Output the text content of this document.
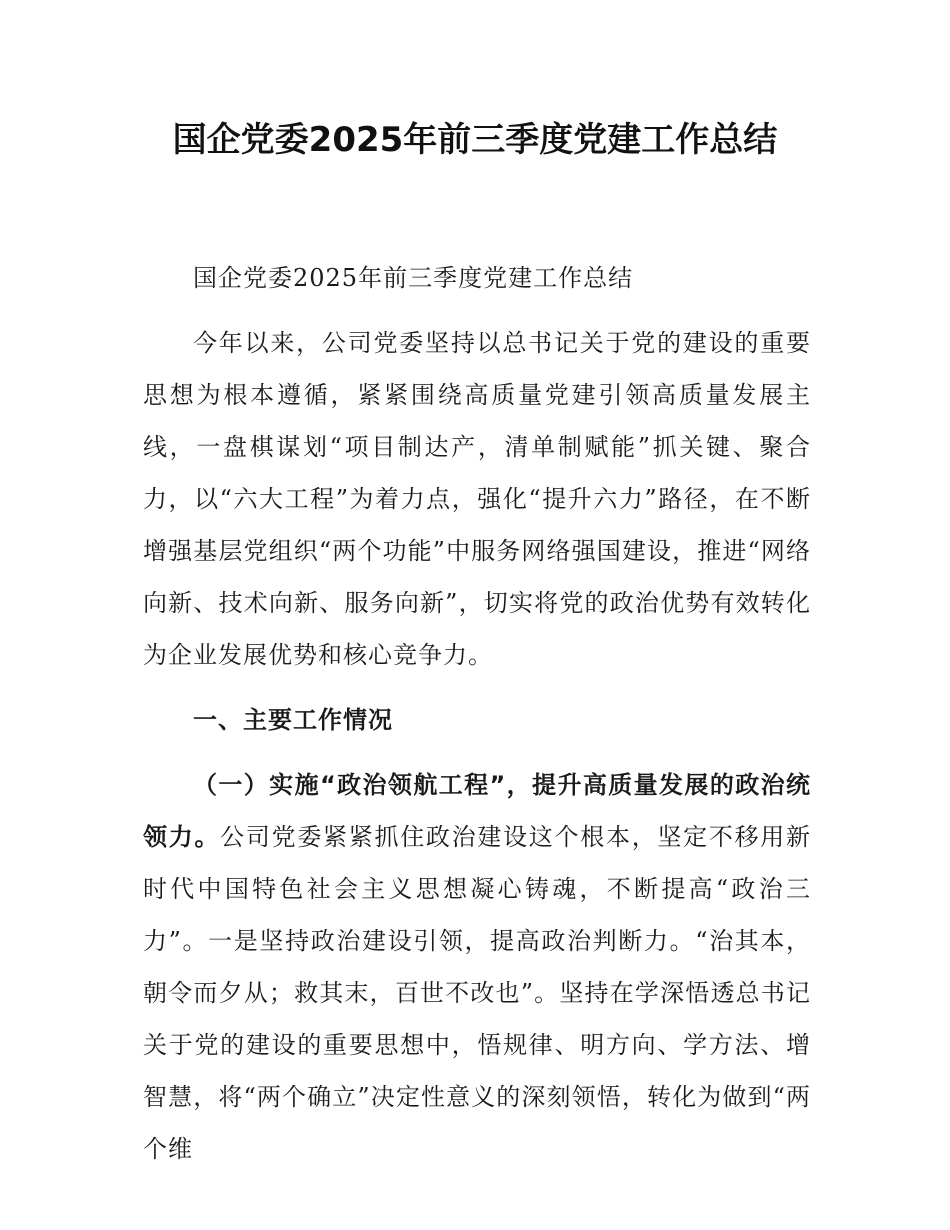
国企党委2025年前三季度党建工作总结

国企党委2025年前三季度党建工作总结

今年以来，公司党委坚持以总书记关于党的建设的重要思想为根本遵循，紧紧围绕高质量党建引领高质量发展主线，一盘棋谋划“项目制达产，清单制赋能”抓关键、聚合力，以“六大工程”为着力点，强化“提升六力”路径，在不断增强基层党组织“两个功能”中服务网络强国建设，推进“网络向新、技术向新、服务向新”，切实将党的政治优势有效转化为企业发展优势和核心竞争力。

一、主要工作情况

（一）实施“政治领航工程”，提升高质量发展的政治统领力。公司党委紧紧抓住政治建设这个根本，坚定不移用新时代中国特色社会主义思想凝心铸魂，不断提高“政治三力”。一是坚持政治建设引领，提高政治判断力。“治其本，朝令而夕从；救其末，百世不改也”。坚持在学深悟透总书记关于党的建设的重要思想中，悟规律、明方向、学方法、增智慧，将“两个确立”决定性意义的深刻领悟，转化为做到“两个维
